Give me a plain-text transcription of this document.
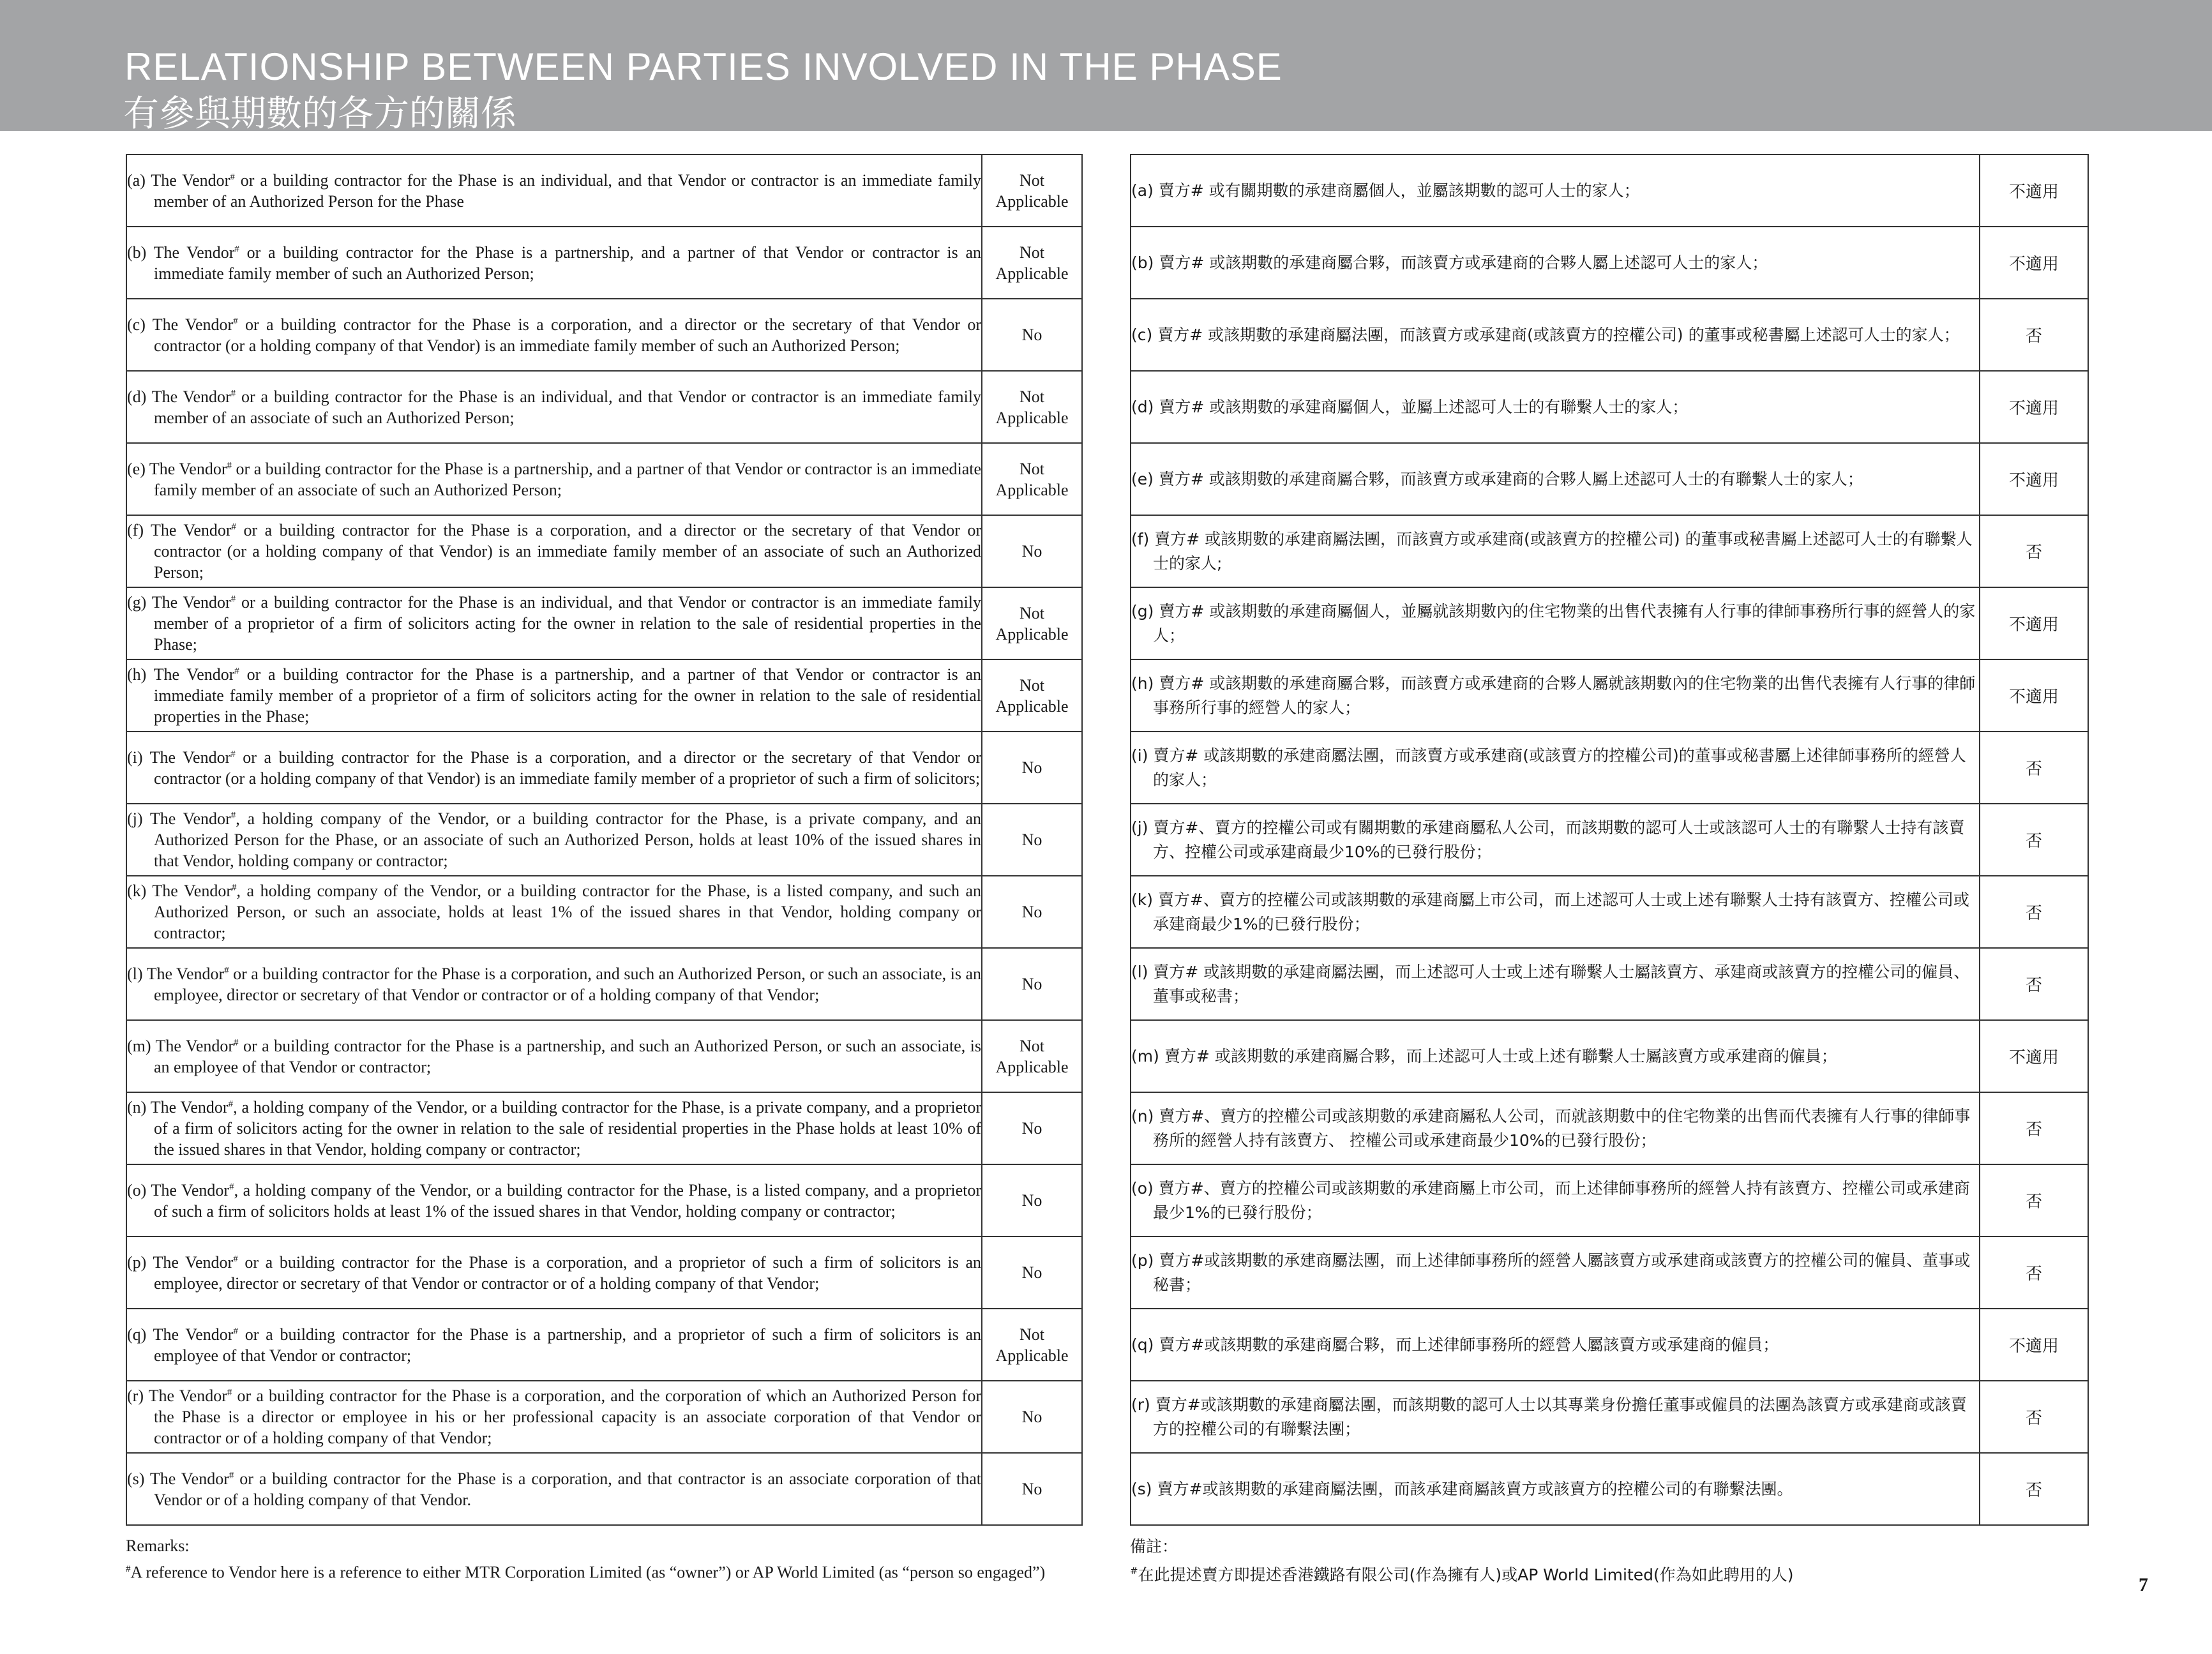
RELATIONSHIP BETWEEN PARTIES INVOLVED IN THE PHASE
有參與期數的各方的關係
(a) The Vendor# or a building contractor for the Phase is an individual, and that Vendor or contractor is an immediate family member of an Authorized Person for the Phase	Not Applicable

(b) The Vendor# or a building contractor for the Phase is a partnership, and a partner of that Vendor or contractor is an immediate family member of such an Authorized Person;	Not Applicable

(c) The Vendor# or a building contractor for the Phase is a corporation, and a director or the secretary of that Vendor or contractor (or a holding company of that Vendor) is an immediate family member of such an Authorized Person;	No

(d) The Vendor# or a building contractor for the Phase is an individual, and that Vendor or contractor is an immediate family member of an associate of such an Authorized Person;	Not Applicable

(e) The Vendor# or a building contractor for the Phase is a partnership, and a partner of that Vendor or contractor is an immediate family member of an associate of such an Authorized Person;	Not Applicable

(f) The Vendor# or a building contractor for the Phase is a corporation, and a director or the secretary of that Vendor or contractor (or a holding company of that Vendor) is an immediate family member of an associate of such an Authorized Person;	No

(g) The Vendor# or a building contractor for the Phase is an individual, and that Vendor or contractor is an immediate family member of a proprietor of a firm of solicitors acting for the owner in relation to the sale of residential properties in the Phase;	Not Applicable

(h) The Vendor# or a building contractor for the Phase is a partnership, and a partner of that Vendor or contractor is an immediate family member of a proprietor of a firm of solicitors acting for the owner in relation to the sale of residential properties in the Phase;	Not Applicable

(i) The Vendor# or a building contractor for the Phase is a corporation, and a director or the secretary of that Vendor or contractor (or a holding company of that Vendor) is an immediate family member of a proprietor of such a firm of solicitors;	No

(j) The Vendor#, a holding company of the Vendor, or a building contractor for the Phase, is a private company, and an Authorized Person for the Phase, or an associate of such an Authorized Person, holds at least 10% of the issued shares in that Vendor, holding company or contractor;	No

(k) The Vendor#, a holding company of the Vendor, or a building contractor for the Phase, is a listed company, and such an Authorized Person, or such an associate, holds at least 1% of the issued shares in that Vendor, holding company or contractor;	No

(l) The Vendor# or a building contractor for the Phase is a corporation, and such an Authorized Person, or such an associate, is an employee, director or secretary of that Vendor or contractor or of a holding company of that Vendor;	No

(m) The Vendor# or a building contractor for the Phase is a partnership, and such an Authorized Person, or such an associate, is an employee of that Vendor or contractor;	Not Applicable

(n) The Vendor#, a holding company of the Vendor, or a building contractor for the Phase, is a private company, and a proprietor of a firm of solicitors acting for the owner in relation to the sale of residential properties in the Phase holds at least 10% of the issued shares in that Vendor, holding company or contractor;	No

(o) The Vendor#, a holding company of the Vendor, or a building contractor for the Phase, is a listed company, and a proprietor of such a firm of solicitors holds at least 1% of the issued shares in that Vendor, holding company or contractor;	No

(p) The Vendor# or a building contractor for the Phase is a corporation, and a proprietor of such a firm of solicitors is an employee, director or secretary of that Vendor or contractor or of a holding company of that Vendor;	No

(q) The Vendor# or a building contractor for the Phase is a partnership, and a proprietor of such a firm of solicitors is an employee of that Vendor or contractor;	Not Applicable

(r) The Vendor# or a building contractor for the Phase is a corporation, and the corporation of which an Authorized Person for the Phase is a director or employee in his or her professional capacity is an associate corporation of that Vendor or contractor or of a holding company of that Vendor;	No

(s) The Vendor# or a building contractor for the Phase is a corporation, and that contractor is an associate corporation of that Vendor or of a holding company of that Vendor.	No
(a) 賣方# 或有關期數的承建商屬個人，並屬該期數的認可人士的家人；	不適用

(b) 賣方# 或該期數的承建商屬合夥，而該賣方或承建商的合夥人屬上述認可人士的家人；	不適用

(c) 賣方# 或該期數的承建商屬法團，而該賣方或承建商(或該賣方的控權公司) 的董事或秘書屬上述認可人士的家人；	否

(d) 賣方# 或該期數的承建商屬個人，並屬上述認可人士的有聯繫人士的家人；	不適用

(e) 賣方# 或該期數的承建商屬合夥，而該賣方或承建商的合夥人屬上述認可人士的有聯繫人士的家人；	不適用

(f) 賣方# 或該期數的承建商屬法團，而該賣方或承建商(或該賣方的控權公司) 的董事或秘書屬上述認可人士的有聯繫人士的家人;	否

(g) 賣方# 或該期數的承建商屬個人，並屬就該期數內的住宅物業的出售代表擁有人行事的律師事務所行事的經營人的家人；	不適用

(h) 賣方# 或該期數的承建商屬合夥，而該賣方或承建商的合夥人屬就該期數內的住宅物業的出售代表擁有人行事的律師事務所行事的經營人的家人；	不適用

(i) 賣方# 或該期數的承建商屬法團，而該賣方或承建商(或該賣方的控權公司)的董事或秘書屬上述律師事務所的經營人的家人；	否

(j) 賣方#、賣方的控權公司或有關期數的承建商屬私人公司，而該期數的認可人士或該認可人士的有聯繫人士持有該賣方、控權公司或承建商最少10%的已發行股份；	否

(k) 賣方#、賣方的控權公司或該期數的承建商屬上市公司，而上述認可人士或上述有聯繫人士持有該賣方、控權公司或承建商最少1%的已發行股份；	否

(l) 賣方# 或該期數的承建商屬法團，而上述認可人士或上述有聯繫人士屬該賣方、承建商或該賣方的控權公司的僱員、董事或秘書；	否

(m) 賣方# 或該期數的承建商屬合夥，而上述認可人士或上述有聯繫人士屬該賣方或承建商的僱員；	不適用

(n) 賣方#、賣方的控權公司或該期數的承建商屬私人公司，而就該期數中的住宅物業的出售而代表擁有人行事的律師事務所的經營人持有該賣方、 控權公司或承建商最少10%的已發行股份；	否

(o) 賣方#、賣方的控權公司或該期數的承建商屬上市公司，而上述律師事務所的經營人持有該賣方、控權公司或承建商最少1%的已發行股份；	否

(p) 賣方#或該期數的承建商屬法團，而上述律師事務所的經營人屬該賣方或承建商或該賣方的控權公司的僱員、董事或秘書；	否

(q) 賣方#或該期數的承建商屬合夥，而上述律師事務所的經營人屬該賣方或承建商的僱員；	不適用

(r) 賣方#或該期數的承建商屬法團，而該期數的認可人士以其專業身份擔任董事或僱員的法團為該賣方或承建商或該賣方的控權公司的有聯繫法團；	否

(s) 賣方#或該期數的承建商屬法團，而該承建商屬該賣方或該賣方的控權公司的有聯繫法團。	否
Remarks:
#A reference to Vendor here is a reference to either MTR Corporation Limited (as “owner”) or AP World Limited (as “person so engaged”)
備註：
#在此提述賣方即提述香港鐵路有限公司(作為擁有人)或AP World Limited(作為如此聘用的人)	7
